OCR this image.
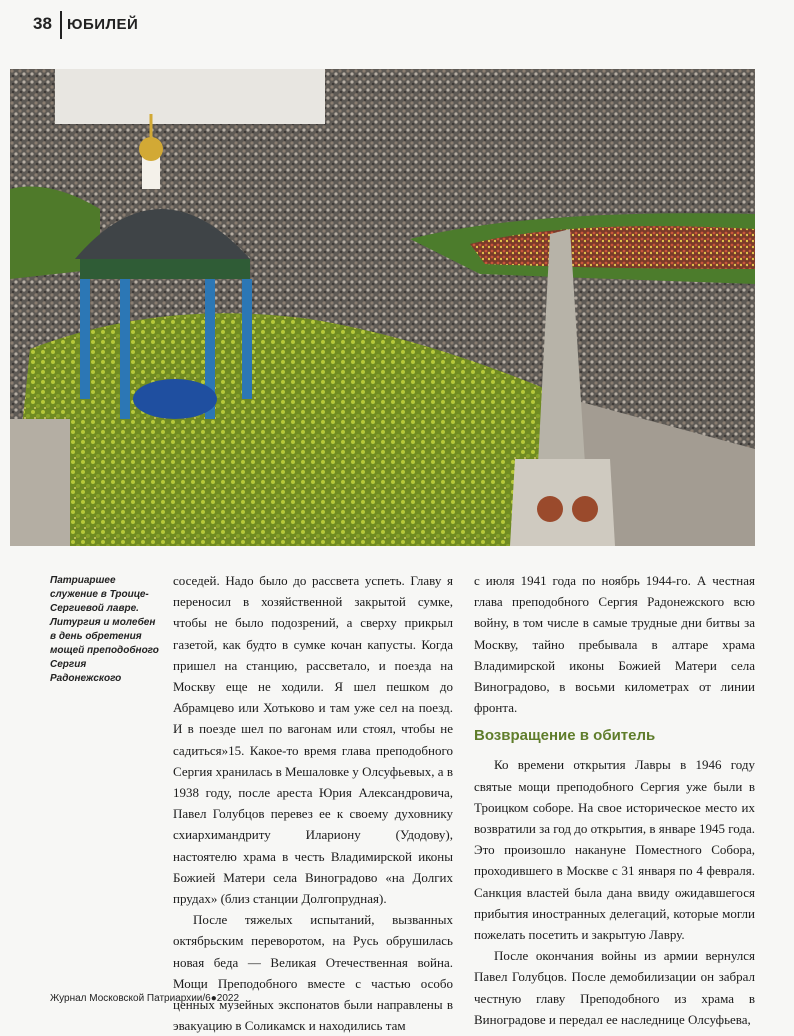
38 ЮБИЛЕЙ
Патриаршее служение в Троице-Сергиевой лавре. Литургия и молебен в день обретения мощей преподобного Сергия Радонежского

соседей. Надо было до рассвета успеть. Главу я переносил в хозяйственной закрытой сумке, чтобы не было подозрений, а сверху прикрыл газетой, как будто в сумке кочан капусты. Когда пришел на станцию, рассветало, и поезда на Москву еще не ходили. Я шел пешком до Абрамцево или Хотьково и там уже сел на поезд. И в поезде шел по вагонам или стоял, чтобы не садиться»15. Какое-то время глава преподобного Сергия хранилась в Мешаловке у Олсуфьевых, а в 1938 году, после ареста Юрия Александровича, Павел Голубцов перевез ее к своему духовнику схиархимандриту Илариону (Удодову), настоятелю храма в честь Владимирской иконы Божией Матери села Виноградово «на Долгих прудах» (близ станции Долгопрудная).

После тяжелых испытаний, вызванных октябрьским переворотом, на Русь обрушилась новая беда — Великая Отечественная война. Мощи Преподобного вместе с частью особо ценных музейных экспонатов были направлены в эвакуацию в Соликамск и находились там

с июля 1941 года по ноябрь 1944-го. А честная глава преподобного Сергия Радонежского всю войну, в том числе в самые трудные дни битвы за Москву, тайно пребывала в алтаре храма Владимирской иконы Божией Матери села Виноградово, в восьми километрах от линии фронта.

Возвращение в обитель

Ко времени открытия Лавры в 1946 году святые мощи преподобного Сергия уже были в Троицком соборе. На свое историческое место их возвратили за год до открытия, в январе 1945 года. Это произошло накануне Поместного Собора, проходившего в Москве с 31 января по 4 февраля. Санкция властей была дана ввиду ожидавшегося прибытия иностранных делегаций, которые могли пожелать посетить и закрытую Лавру.

После окончания войны из армии вернулся Павел Голубцов. После демобилизации он забрал честную главу Преподобного из храма в Виноградове и передал ее наследнице Олсуфьева,

Журнал Московской Патриархии/6●2022
